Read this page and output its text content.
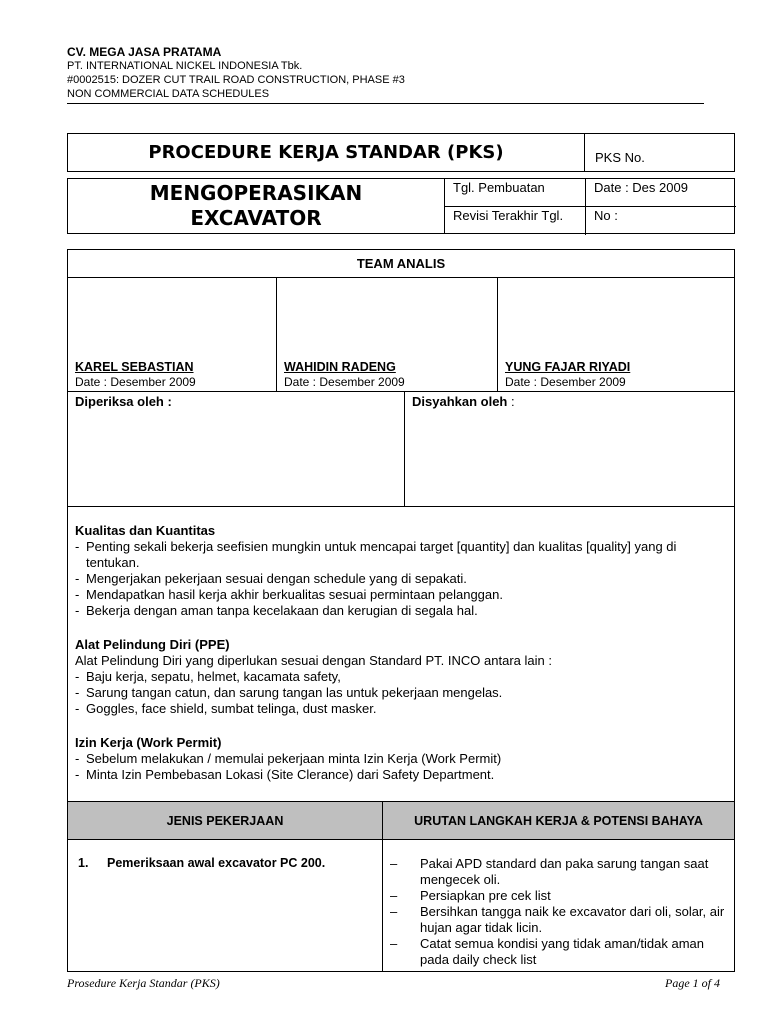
CV. MEGA JASA PRATAMA
PT. INTERNATIONAL NICKEL INDONESIA Tbk.
#0002515: DOZER CUT TRAIL ROAD CONSTRUCTION, PHASE #3
NON COMMERCIAL DATA SCHEDULES
PROCEDURE KERJA STANDAR (PKS)	PKS No.
MENGOPERASIKAN
EXCAVATOR
Tgl. Pembuatan	Date : Des 2009
Revisi Terakhir Tgl.	No :
TEAM ANALIS
KAREL SEBASTIAN
Date : Desember 2009
WAHIDIN RADENG
Date : Desember 2009
YUNG FAJAR RIYADI
Date : Desember 2009
Diperiksa oleh :	Disyahkan oleh :
Kualitas dan Kuantitas
- Penting sekali bekerja seefisien mungkin untuk mencapai target [quantity] dan kualitas [quality] yang di tentukan.
- Mengerjakan pekerjaan sesuai dengan schedule yang di sepakati.
- Mendapatkan hasil kerja akhir berkualitas sesuai permintaan pelanggan.
- Bekerja dengan aman tanpa kecelakaan dan kerugian di segala hal.
Alat Pelindung Diri (PPE)

Alat Pelindung Diri yang diperlukan sesuai dengan Standard PT. INCO antara lain :

- Baju kerja, sepatu, helmet, kacamata safety,
- Sarung tangan catun, dan sarung tangan las untuk pekerjaan mengelas.
- Goggles, face shield, sumbat telinga, dust masker.
Izin Kerja (Work Permit)
- Sebelum melakukan / memulai pekerjaan minta Izin Kerja (Work Permit)
- Minta Izin Pembebasan Lokasi (Site Clerance) dari Safety Department.
JENIS PEKERJAAN	URUTAN LANGKAH KERJA & POTENSI BAHAYA
1. Pemeriksaan awal excavator PC 200.
–	Pakai APD standard dan paka sarung tangan saat mengecek oli.
– Persiapkan pre cek list
– Bersihkan tangga naik ke excavator dari oli, solar, air hujan agar tidak licin.
– Catat semua kondisi yang tidak aman/tidak aman pada daily check list
Prosedure Kerja Standar (PKS)	Page 1 of 4
